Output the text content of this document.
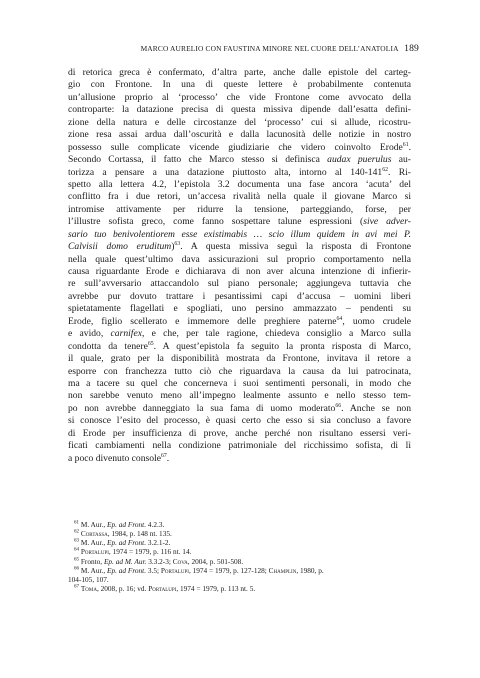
MARCO AURELIO CON FAUSTINA MINORE NEL CUORE DELL’ANATOLIA 189
di retorica greca è confermato, d’altra parte, anche dalle epistole del carteg-
gio con Frontone. In una di queste lettere è probabilmente contenuta
un’allusione proprio al ‘processo’ che vide Frontone come avvocato della
controparte: la datazione precisa di questa missiva dipende dall’esatta defini-
zione della natura e delle circostanze del ‘processo’ cui si allude, ricostru-
zione resa assai ardua dall’oscurità e dalla lacunosità delle notizie in nostro
possesso sulle complicate vicende giudiziarie che videro coinvolto Erode$^{61}$.
Secondo Cortassa, il fatto che Marco stesso si definisca audax puerulus au-
torizza a pensare a una datazione piuttosto alta, intorno al 140-141$^{62}$. Ri-
spetto alla lettera 4.2, l’epistola 3.2 documenta una fase ancora ‘acuta’ del
conflitto fra i due retori, un’accesa rivalità nella quale il giovane Marco si
intromise attivamente per ridurre la tensione, parteggiando, forse, per
l’illustre sofista greco, come fanno sospettare talune espressioni (sive adver-
sario tuo benivolentiorem esse existimabis … scio illum quidem in avi mei P.
Calvisii domo eruditum)$^{63}$. A questa missiva seguì la risposta di Frontone
nella quale quest’ultimo dava assicurazioni sul proprio comportamento nella
causa riguardante Erode e dichiarava di non aver alcuna intenzione di infierir-
re sull’avversario attaccandolo sul piano personale; aggiungeva tuttavia che
avrebbe pur dovuto trattare i pesantissimi capi d’accusa – uomini liberi
spietatamente flagellati e spogliati, uno persino ammazzato – pendenti su
Erode, figlio scellerato e immemore delle preghiere paterne$^{64}$, uomo crudele
e avido, carnifex, e che, per tale ragione, chiedeva consiglio a Marco sulla
condotta da tenere$^{65}$. A quest’epistola fa seguito la pronta risposta di Marco,
il quale, grato per la disponibilità mostrata da Frontone, invitava il retore a
esporre con franchezza tutto ciò che riguardava la causa da lui patrocinata,
ma a tacere su quel che concerneva i suoi sentimenti personali, in modo che
non sarebbe venuto meno all’impegno lealmente assunto e nello stesso tem-
po non avrebbe danneggiato la sua fama di uomo moderato$^{66}$. Anche se non
si conosce l’esito del processo, è quasi certo che esso si sia concluso a favore
di Erode per insufficienza di prove, anche perché non risultano essersi veri-
ficati cambiamenti nella condizione patrimoniale del ricchissimo sofista, di lì
a poco divenuto console$^{67}$.
$^{61}$ M. Aur., Ep. ad Front. 4.2.3.
$^{62}$ Cortassa, 1984, p. 148 nt. 135.
$^{63}$ M. Aur., Ep. ad Front. 3.2.1-2.
$^{64}$ Portalupi, 1974 = 1979, p. 116 nt. 14.
$^{65}$ Fronto, Ep. ad M. Aur. 3.3.2-3; Cova, 2004, p. 501-508.
$^{66}$ M. Aur., Ep. ad Front. 3.5; Portalupi, 1974 = 1979, p. 127-128; Champlin, 1980, p.
104-105, 107.
$^{67}$ Toma, 2008, p. 16; vd. Portalupi, 1974 = 1979, p. 113 nt. 5.
